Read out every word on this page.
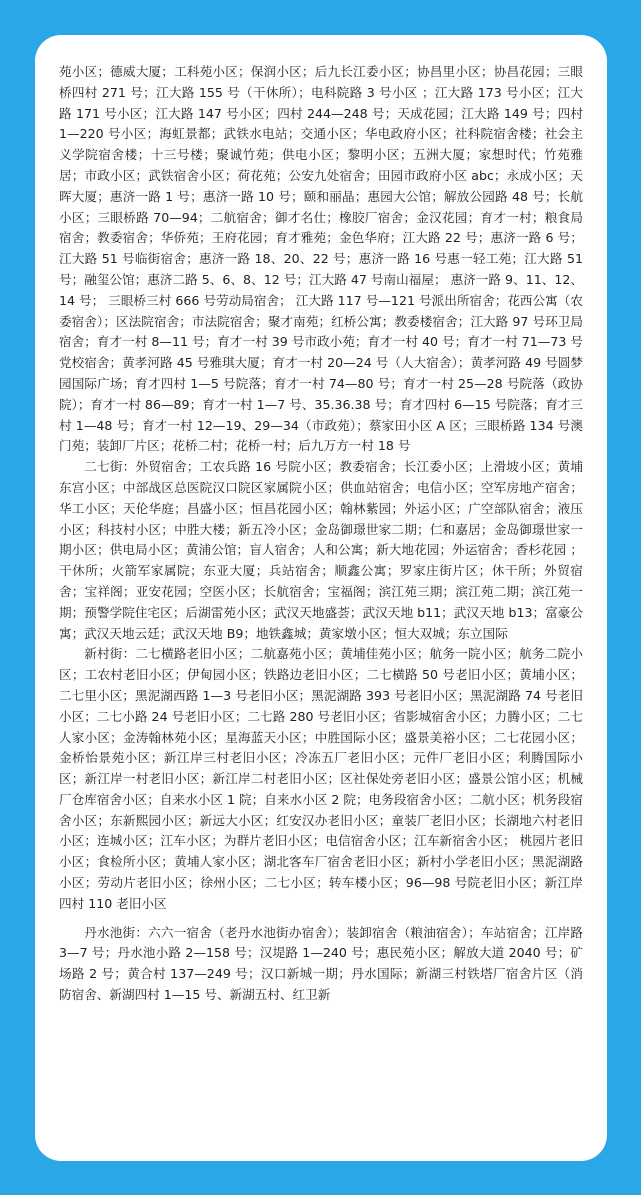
苑小区；德威大厦；工科苑小区；保润小区；后九长江委小区；协昌里小区；协昌花园；三眼桥四村 271 号；江大路 155 号（干休所）；电科院路 3 号小区 ；江大路 173 号小区；江大路 171 号小区；江大路 147 号小区；四村 244—248 号；天成花园；江大路 149 号；四村 1—220 号小区；海虹景都；武铁水电站；交通小区；华电政府小区；社科院宿舍楼；社会主义学院宿舍楼；十三号楼；聚诚竹苑；供电小区；黎明小区；五洲大厦；家想时代；竹苑雅居；市政小区；武铁宿舍小区；荷花苑；公安九处宿舍；田园市政府小区 abc；永成小区；天晖大厦；惠济一路 1 号；惠济一路 10 号；颐和丽晶；惠园大公馆；解放公园路 48 号；长航小区；三眼桥路 70—94；二航宿舍；御才名仕；橡胶厂宿舍；金汉花园；育才一村；粮食局宿舍；教委宿舍；华侨苑；王府花园；育才雅苑；金色华府；江大路 22 号；惠济一路 6 号；江大路 51 号临街宿舍；惠济一路 18、20、22 号；惠济一路 16 号惠一轻工苑；江大路 51 号；融玺公馆；惠济二路 5、6、8、12 号；江大路 47 号南山福屋； 惠济一路 9、11、12、14 号； 三眼桥三村 666 号劳动局宿舍； 江大路 117 号—121 号派出所宿舍；花西公寓（农委宿舍）；区法院宿舍；市法院宿舍；聚才南苑；红桥公寓；教委楼宿舍；江大路 97 号环卫局宿舍；育才一村 8—11 号；育才一村 39 号市政小苑；育才一村 40 号；育才一村 71—73 号党校宿舍；黄孝河路 45 号雅琪大厦；育才一村 20—24 号（人大宿舍）；黄孝河路 49 号圆梦园国际广场；育才四村 1—5 号院落；育才一村 74—80 号；育才一村 25—28 号院落（政协院）；育才一村 86—89；育才一村 1—7 号、35.36.38 号；育才四村 6—15 号院落；育才三村 1—48 号；育才一村 12—19、29—34（市政苑）；蔡家田小区 A 区；三眼桥路 134 号澳门苑；装卸厂片区；花桥二村；花桥一村；后九万方一村 18 号

二七街：外贸宿舍；工农兵路 16 号院小区；教委宿舍；长江委小区；上滑坡小区；黄埔东宫小区；中部战区总医院汉口院区家属院小区；供血站宿舍；电信小区；空军房地产宿舍；华工小区；天伦华庭；昌盛小区；恒昌花园小区；翰林紫园；外运小区；广空部队宿舍；液压小区；科技村小区；中胜大楼；新五冷小区；金岛御璟世家二期；仁和嘉居；金岛御璟世家一期小区；供电局小区；黄浦公馆；盲人宿舍；人和公寓；新大地花园；外运宿舍；香杉花园 ；干休所；火箭军家属院；东亚大厦；兵站宿舍；顺鑫公寓；罗家庄街片区；休干所；外贸宿舍；宝祥阁；亚安花园；空医小区；长航宿舍；宝福阁；滨江苑三期；滨江苑二期；滨江苑一期；预警学院住宅区；后湖雷苑小区；武汉天地盛荟；武汉天地 b11；武汉天地 b13；富豪公寓；武汉天地云廷；武汉天地 B9；地铁鑫城；黄家墩小区；恒大双城；东立国际

新村街：二七横路老旧小区；二航嘉苑小区；黄埔佳苑小区；航务一院小区；航务二院小区；工农村老旧小区；伊甸园小区；铁路边老旧小区；二七横路 50 号老旧小区；黄埔小区；二七里小区；黑泥湖西路 1—3 号老旧小区；黑泥湖路 393 号老旧小区；黑泥湖路 74 号老旧小区；二七小路 24 号老旧小区；二七路 280 号老旧小区；省影城宿舍小区；力腾小区；二七人家小区；金涛翰林苑小区；星海蓝天小区；中胜国际小区；盛景美裕小区；二七花园小区；金桥怡景苑小区；新江岸三村老旧小区；冷冻五厂老旧小区；元件厂老旧小区；利腾国际小区；新江岸一村老旧小区；新江岸二村老旧小区；区社保处旁老旧小区；盛景公馆小区；机械厂仓库宿舍小区；自来水小区 1 院；自来水小区 2 院；电务段宿舍小区；二航小区；机务段宿舍小区；东新熙园小区；新远大小区；红安汉办老旧小区；童装厂老旧小区；长湖地六村老旧小区；连城小区；江车小区；为群片老旧小区；电信宿舍小区；江车新宿舍小区； 桃园片老旧小区；食检所小区；黄埔人家小区；湖北客车厂宿舍老旧小区；新村小学老旧小区；黑泥湖路小区；劳动片老旧小区；徐州小区；二七小区；转车楼小区；96—98 号院老旧小区；新江岸四村 110 老旧小区

丹水池街：六六一宿舍（老丹水池街办宿舍）；装卸宿舍（粮油宿舍）；车站宿舍；江岸路 3—7 号；丹水池小路 2—158 号；汉堤路 1—240 号；惠民苑小区；解放大道 2040 号；矿场路 2 号；黄合村 137—249 号；汉口新城一期；丹水国际；新湖三村铁塔厂宿舍片区（消防宿舍、新湖四村 1—15 号、新湖五村、红卫新
